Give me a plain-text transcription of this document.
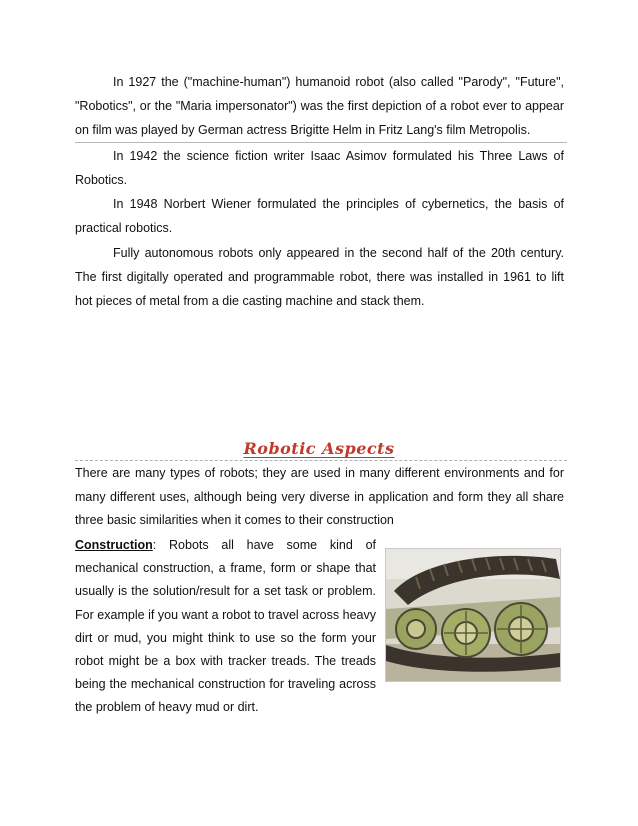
In 1927 the ("machine-human") humanoid robot (also called "Parody", "Future", "Robotics", or the "Maria impersonator") was the first depiction of a robot ever to appear on film was played by German actress Brigitte Helm in Fritz Lang's film Metropolis.

In 1942 the science fiction writer Isaac Asimov formulated his Three Laws of Robotics.

In 1948 Norbert Wiener formulated the principles of cybernetics, the basis of practical robotics.

Fully autonomous robots only appeared in the second half of the 20th century. The first digitally operated and programmable robot, there was installed in 1961 to lift hot pieces of metal from a die casting machine and stack them.

Robotic Aspects

There are many types of robots; they are used in many different environments and for many different uses, although being very diverse in application and form they all share three basic similarities when it comes to their construction

Construction: Robots all have some kind of mechanical construction, a frame, form or shape that usually is the solution/result for a set task or problem. For example if you want a robot to travel across heavy dirt or mud, you might think to use so the form your robot might be a box with tracker treads. The treads being the mechanical construction for traveling across the problem of heavy mud or dirt.
